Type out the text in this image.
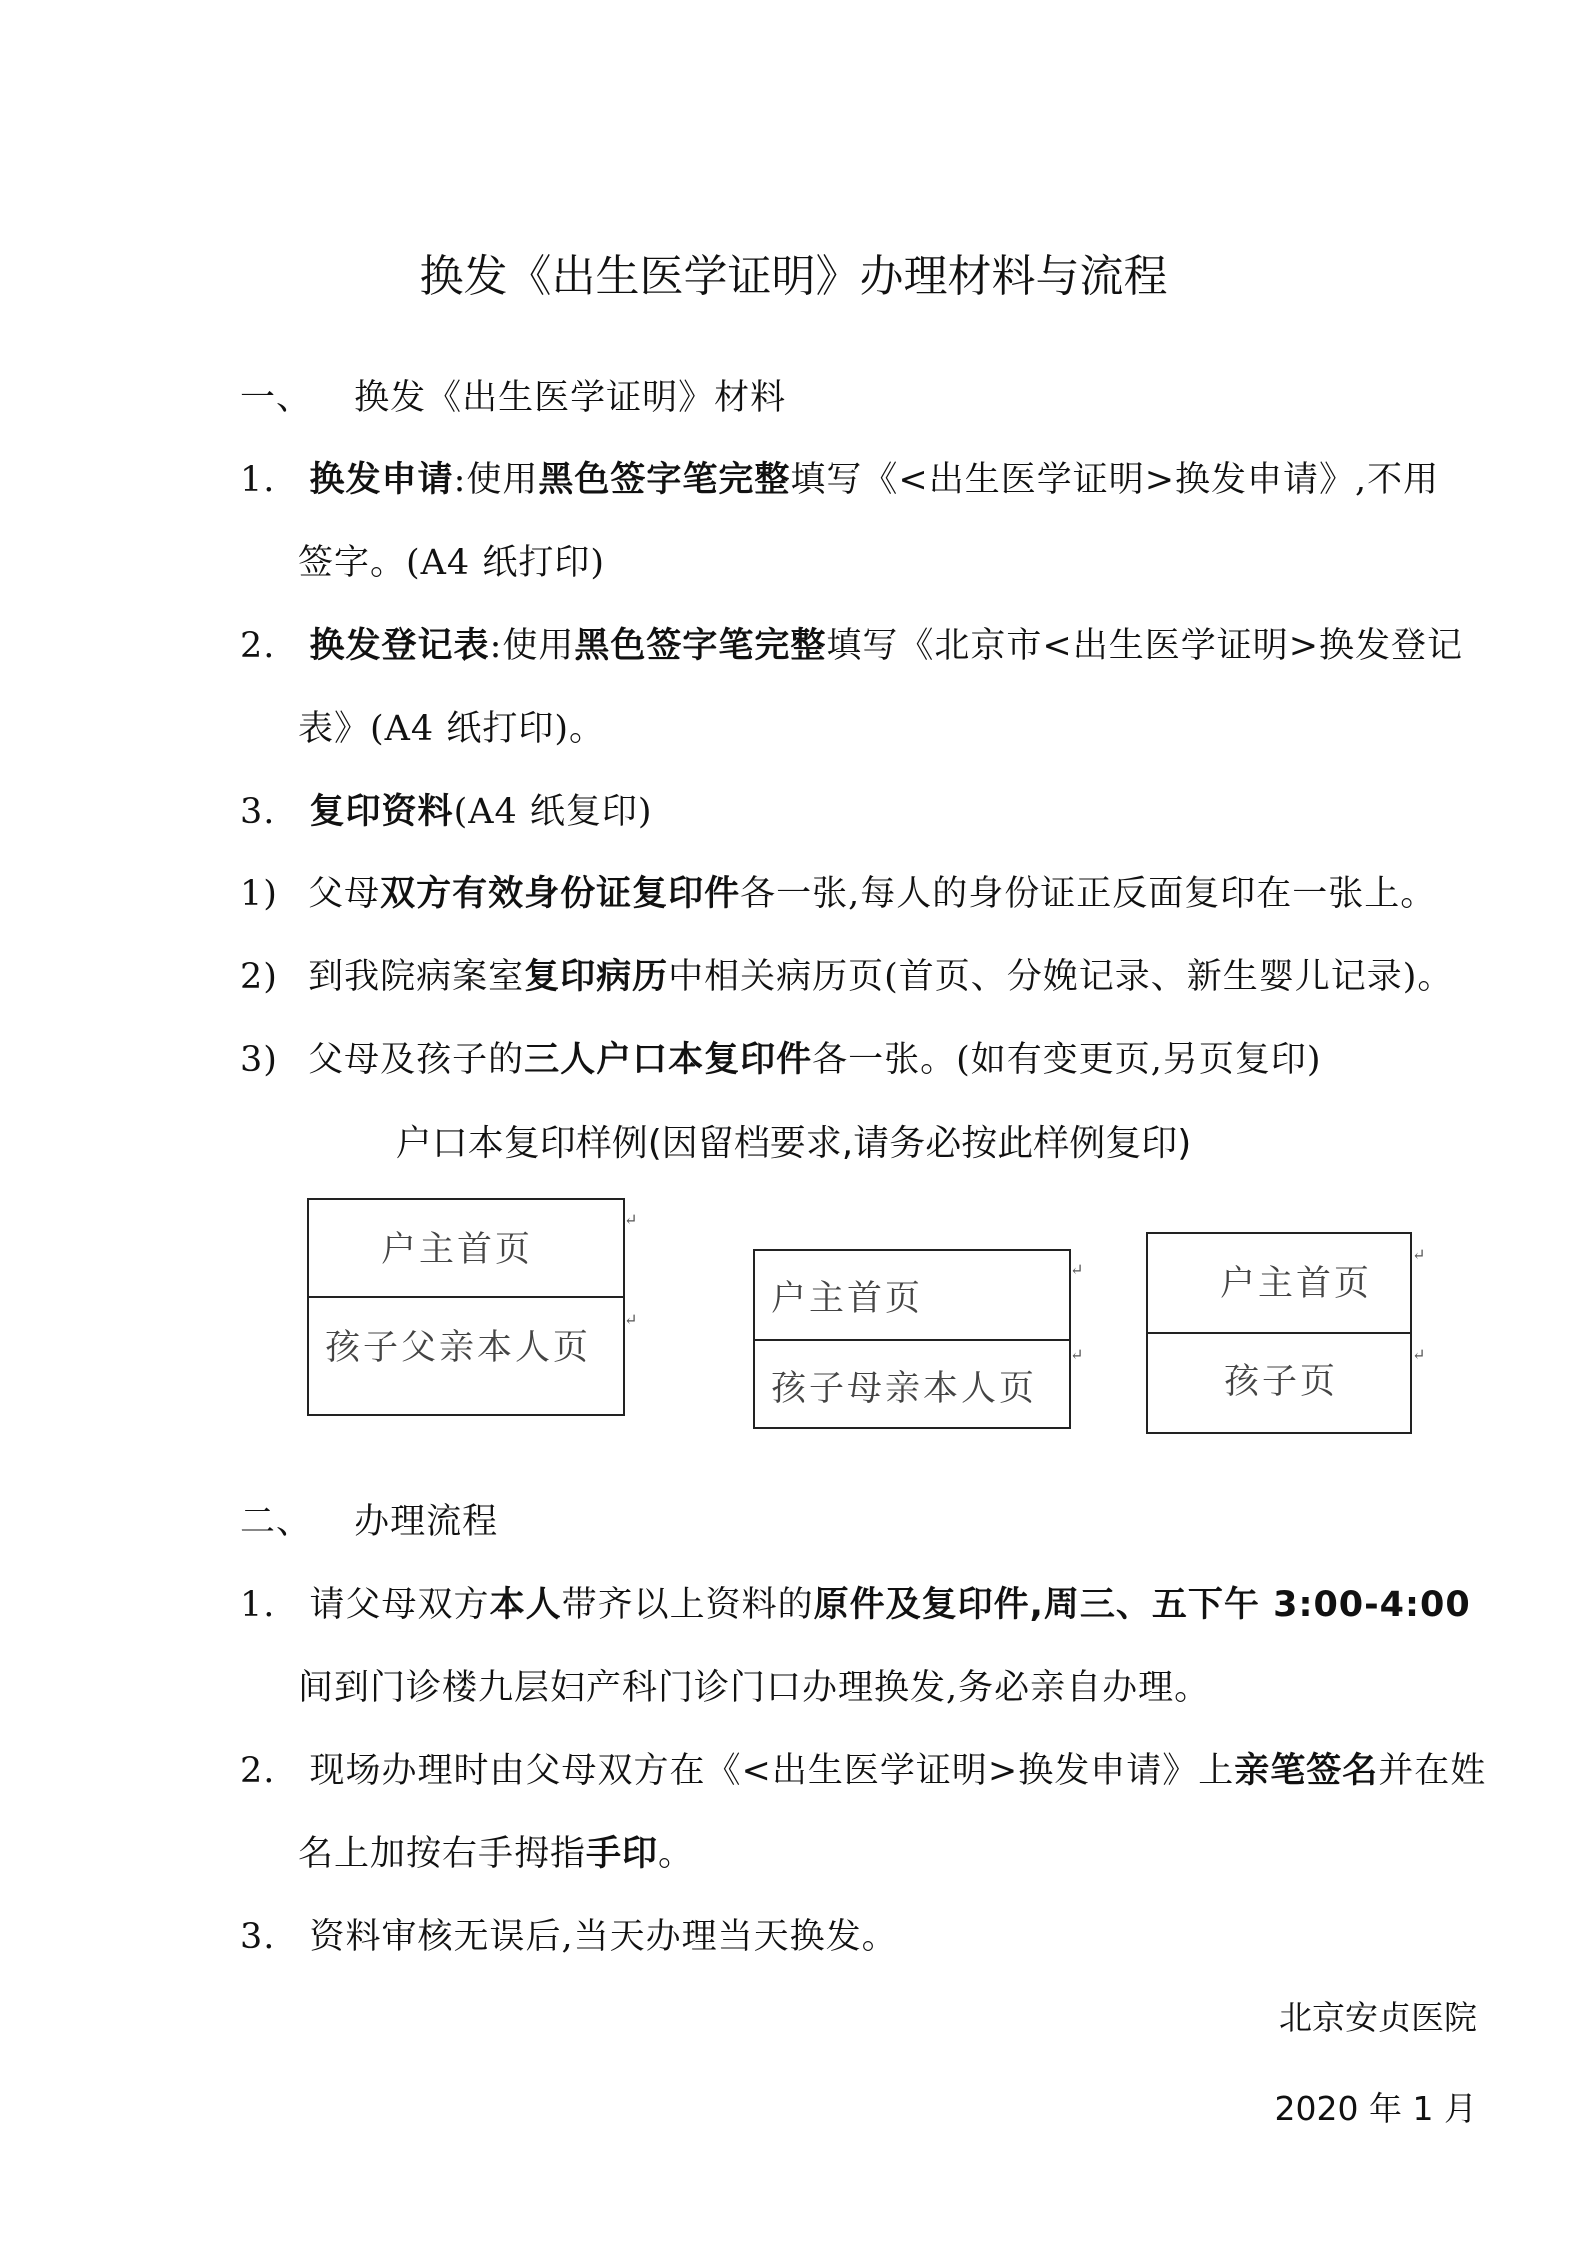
换发《出生医学证明》办理材料与流程
一、 换发《出生医学证明》材料
1. 换发申请:使用黑色签字笔完整填写《<出生医学证明>换发申请》,不用
签字。(A4 纸打印)
2. 换发登记表:使用黑色签字笔完整填写《北京市<出生医学证明>换发登记
表》(A4 纸打印)。
3. 复印资料(A4 纸复印)
1) 父母双方有效身份证复印件各一张,每人的身份证正反面复印在一张上。
2) 到我院病案室复印病历中相关病历页(首页、分娩记录、新生婴儿记录)。
3) 父母及孩子的三人户口本复印件各一张。(如有变更页,另页复印)
户口本复印样例(因留档要求,请务必按此样例复印)
户主首页
孩子父亲本人页
↵
↵
户主首页
孩子母亲本人页
↵
↵
户主首页
孩子页
↵
↵
二、 办理流程
1. 请父母双方本人带齐以上资料的原件及复印件,周三、五下午 3:00-4:00
间到门诊楼九层妇产科门诊门口办理换发,务必亲自办理。
2. 现场办理时由父母双方在《<出生医学证明>换发申请》上亲笔签名并在姓
名上加按右手拇指手印。
3. 资料审核无误后,当天办理当天换发。
北京安贞医院
2020 年 1 月
